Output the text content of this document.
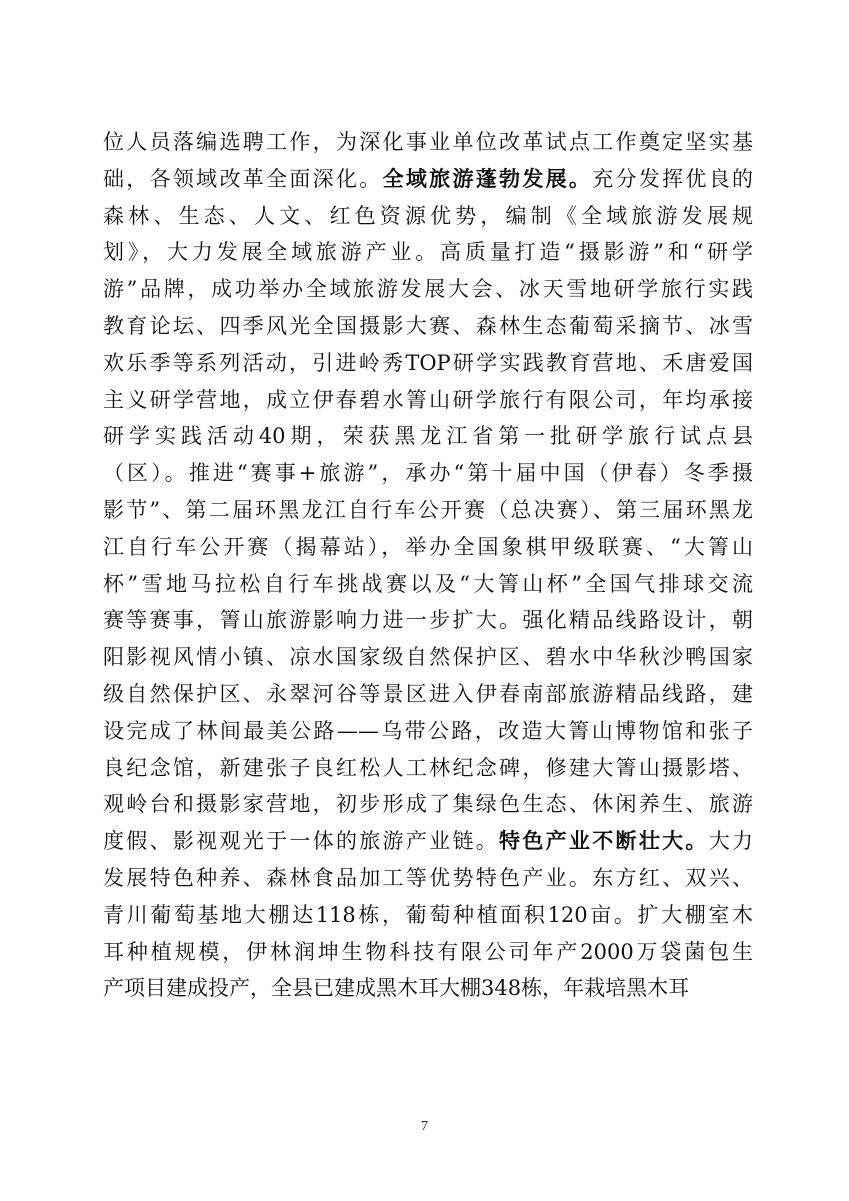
位人员落编选聘工作，为深化事业单位改革试点工作奠定坚实基
础，各领域改革全面深化。全域旅游蓬勃发展。充分发挥优良的
森林、生态、人文、红色资源优势，编制《全域旅游发展规
划》，大力发展全域旅游产业。高质量打造“摄影游”和“研学
游”品牌，成功举办全域旅游发展大会、冰天雪地研学旅行实践
教育论坛、四季风光全国摄影大赛、森林生态葡萄采摘节、冰雪
欢乐季等系列活动，引进岭秀TOP研学实践教育营地、禾唐爱国
主义研学营地，成立伊春碧水箐山研学旅行有限公司，年均承接
研学实践活动40期，荣获黑龙江省第一批研学旅行试点县
（区）。推进“赛事+旅游”，承办“第十届中国（伊春）冬季摄
影节”、第二届环黑龙江自行车公开赛（总决赛）、第三届环黑龙
江自行车公开赛（揭幕站），举办全国象棋甲级联赛、“大箐山
杯”雪地马拉松自行车挑战赛以及“大箐山杯”全国气排球交流
赛等赛事，箐山旅游影响力进一步扩大。强化精品线路设计，朝
阳影视风情小镇、凉水国家级自然保护区、碧水中华秋沙鸭国家
级自然保护区、永翠河谷等景区进入伊春南部旅游精品线路，建
设完成了林间最美公路——乌带公路，改造大箐山博物馆和张子
良纪念馆，新建张子良红松人工林纪念碑，修建大箐山摄影塔、
观岭台和摄影家营地，初步形成了集绿色生态、休闲养生、旅游
度假、影视观光于一体的旅游产业链。特色产业不断壮大。大力
发展特色种养、森林食品加工等优势特色产业。东方红、双兴、
青川葡萄基地大棚达118栋，葡萄种植面积120亩。扩大棚室木
耳种植规模，伊林润坤生物科技有限公司年产2000万袋菌包生
产项目建成投产，全县已建成黑木耳大棚348栋，年栽培黑木耳
7
